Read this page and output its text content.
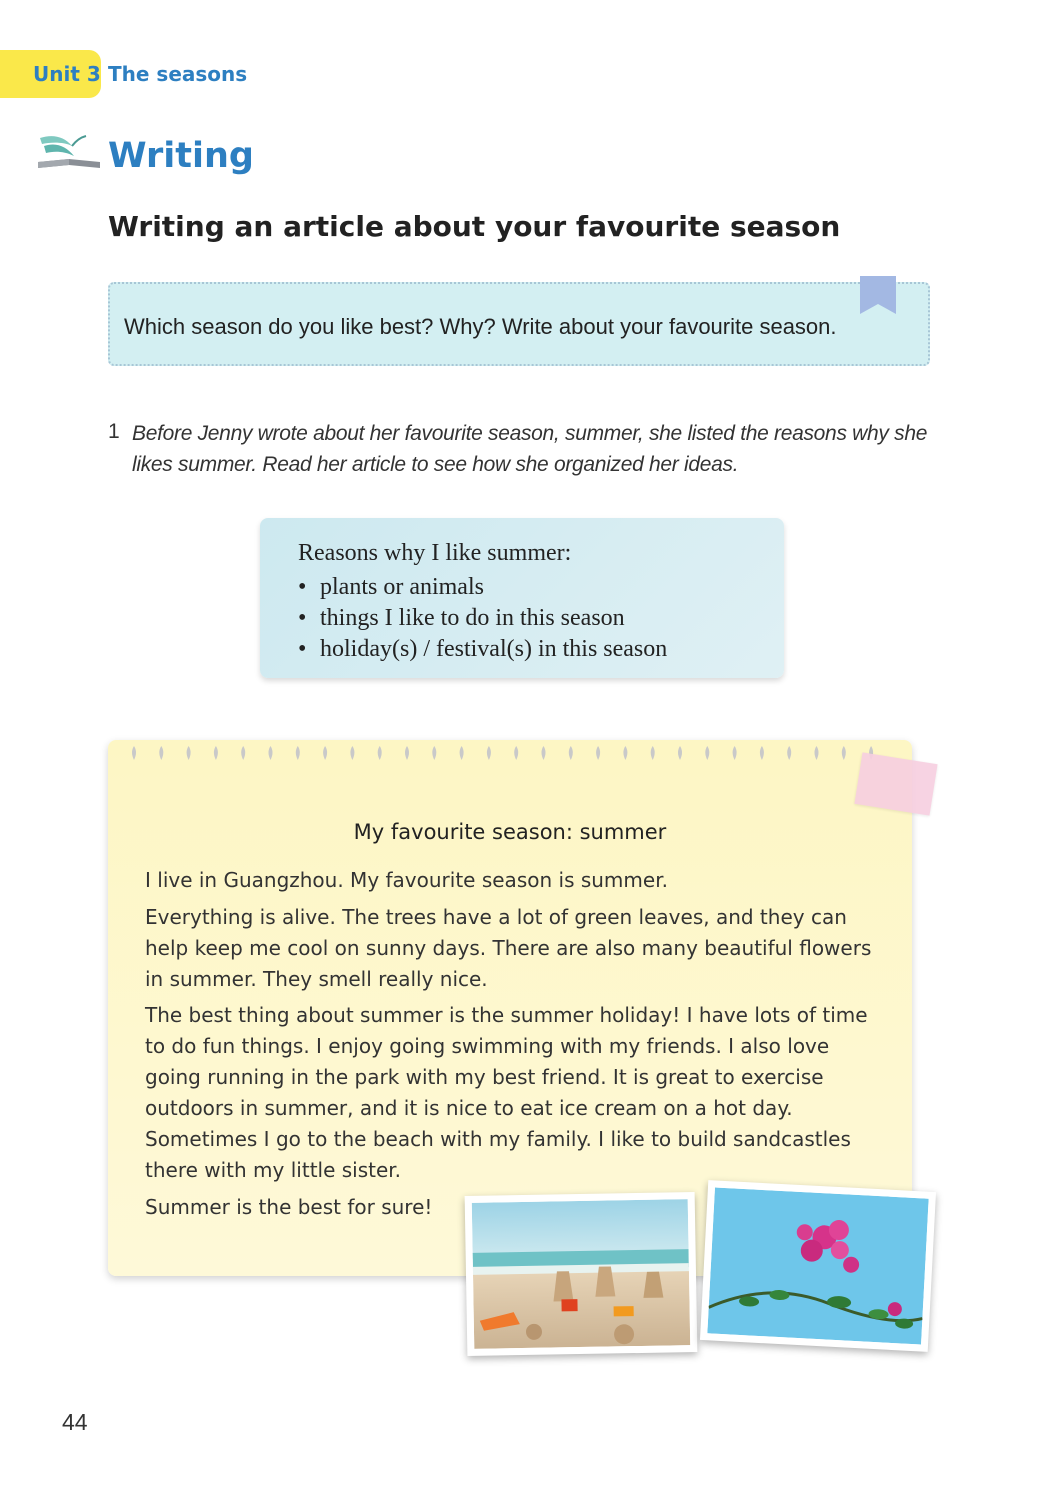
Unit 3 The seasons
Writing
Writing an article about your favourite season
Which season do you like best? Why? Write about your favourite season.
1 Before Jenny wrote about her favourite season, summer, she listed the reasons why she likes summer. Read her article to see how she organized her ideas.
Reasons why I like summer:
• plants or animals
• things I like to do in this season
• holiday(s) / festival(s) in this season
My favourite season: summer

I live in Guangzhou. My favourite season is summer.

Everything is alive. The trees have a lot of green leaves, and they can help keep me cool on sunny days. There are also many beautiful flowers in summer. They smell really nice.

The best thing about summer is the summer holiday! I have lots of time to do fun things. I enjoy going swimming with my friends. I also love going running in the park with my best friend. It is great to exercise outdoors in summer, and it is nice to eat ice cream on a hot day. Sometimes I go to the beach with my family. I like to build sandcastles there with my little sister.

Summer is the best for sure!

44
